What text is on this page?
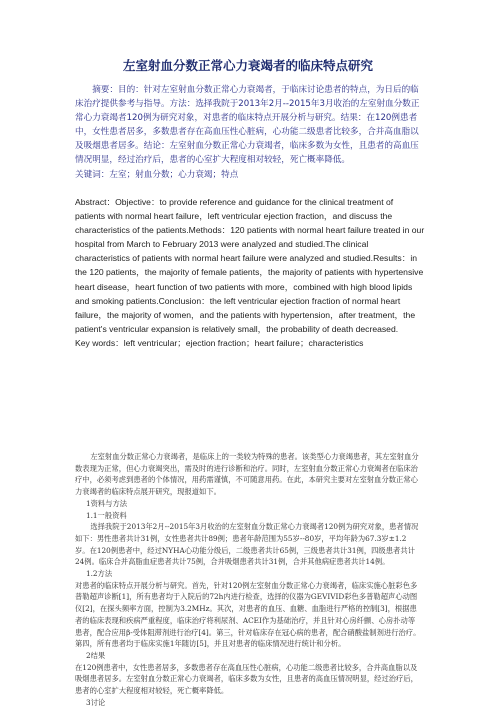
左室射血分数正常心力衰竭者的临床特点研究
摘要：目的：针对左室射血分数正常心力衰竭者，于临床讨论患者的特点，为日后的临床治疗提供参考与指导。方法：选择我院于2013年2月--2015年3月收治的左室射血分数正常心力衰竭者120例为研究对象，对患者的临床特点开展分析与研究。结果：在120例患者中，女性患者居多，多数患者存在高血压性心脏病，心功能二级患者比较多，合并高血脂以及吸烟患者居多。结论：左室射血分数正常心力衰竭者，临床多数为女性，且患者的高血压情况明显，经过治疗后，患者的心室扩大程度相对较轻，死亡概率降低。
关键词：左室；射血分数；心力衰竭；特点
Abstract：Objective：to provide reference and guidance for the clinical treatment of patients with normal heart failure，left ventricular ejection fraction，and discuss the characteristics of the patients.Methods：120 patients with normal heart failure treated in our hospital from March to February 2013 were analyzed and studied.The clinical characteristics of patients with normal heart failure were analyzed and studied.Results：in the 120 patients，the majority of female patients，the majority of patients with hypertensive heart disease，heart function of two patients with more，combined with high blood lipids and smoking patients.Conclusion：the left ventricular ejection fraction of normal heart failure，the majority of women，and the patients with hypertension，after treatment，the patient's ventricular expansion is relatively small，the probability of death decreased.
Key words：left ventricular；ejection fraction；heart failure；characteristics

左室射血分数正常心力衰竭者，是临床上的一类较为特殊的患者。该类型心力衰竭患者，其左室射血分数表现为正常，但心力衰竭突出，需及时的进行诊断和治疗。同时，左室射血分数正常心力衰竭者在临床治疗中，必须考虑到患者的个体情况，用药需谨慎，不可随意用药。在此，本研究主要对左室射血分数正常心力衰竭者的临床特点展开研究，现报道如下。

1资料与方法

1.1一般资料

选择我院于2013年2月--2015年3月收治的左室射血分数正常心力衰竭者120例为研究对象，患者情况如下：男性患者共计31例，女性患者共计89例；患者年龄范围为55岁--80岁，平均年龄为67.3岁±1.2岁。在120例患者中，经过NYHA心功能分级后，二级患者共计65例，三级患者共计31例，四级患者共计24例。临床合并高脂血症患者共计75例，合并吸烟患者共计31例，合并其他病症患者共计14例。

1.2方法

对患者的临床特点开展分析与研究。首先，针对120例左室射血分数正常心力衰竭者，临床实施心脏彩色多普勒超声诊断[1]，所有患者均于入院后的72h内进行检查，选择的仪器为GEVIVID彩色多普勒超声心动图仪[2]，在探头频率方面，控制为3.2MHz。其次，对患者的血压、血糖、血脂进行严格的控制[3]，根据患者的临床表现和疾病严重程度，临床治疗将利尿剂、ACEI作为基础治疗，并且针对心房纤颤、心房扑动等患者，配合应用β-受体阻滞剂进行治疗[4]。第三，针对临床存在冠心病的患者，配合硝酸盐制剂进行治疗。第四，所有患者均于临床实施1年随访[5]，并且对患者的临床情况进行统计和分析。

2结果

在120例患者中，女性患者居多，多数患者存在高血压性心脏病，心功能二级患者比较多，合并高血脂以及吸烟患者居多。左室射血分数正常心力衰竭者，临床多数为女性，且患者的高血压情况明显，经过治疗后，患者的心室扩大程度相对较轻，死亡概率降低。

3讨论
